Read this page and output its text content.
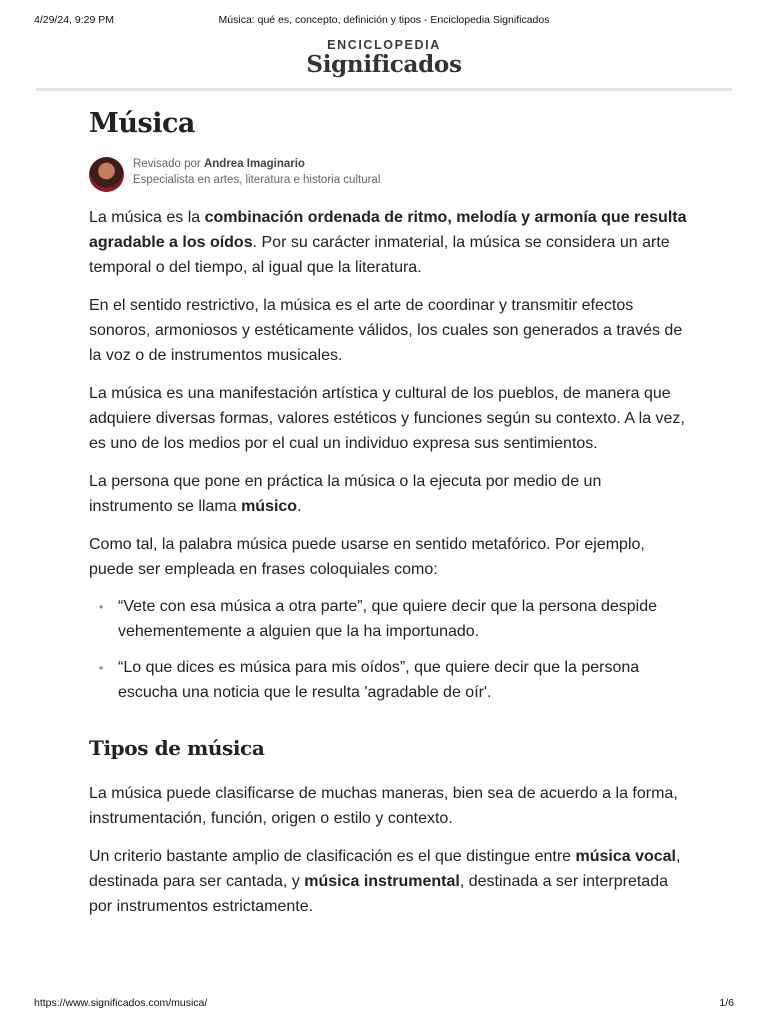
4/29/24, 9:29 PM	Música: qué es, concepto, definición y tipos - Enciclopedia Significados
ENCICLOPEDIA
Significados
Música
Revisado por Andrea Imaginario
Especialista en artes, literatura e historia cultural

La música es la combinación ordenada de ritmo, melodía y armonía que resulta agradable a los oídos. Por su carácter inmaterial, la música se considera un arte temporal o del tiempo, al igual que la literatura.

En el sentido restrictivo, la música es el arte de coordinar y transmitir efectos sonoros, armoniosos y estéticamente válidos, los cuales son generados a través de la voz o de instrumentos musicales.

La música es una manifestación artística y cultural de los pueblos, de manera que adquiere diversas formas, valores estéticos y funciones según su contexto. A la vez, es uno de los medios por el cual un individuo expresa sus sentimientos.

La persona que pone en práctica la música o la ejecuta por medio de un instrumento se llama músico.

Como tal, la palabra música puede usarse en sentido metafórico. Por ejemplo, puede ser empleada en frases coloquiales como:

• “Vete con esa música a otra parte”, que quiere decir que la persona despide vehementemente a alguien que la ha importunado.
• “Lo que dices es música para mis oídos”, que quiere decir que la persona escucha una noticia que le resulta 'agradable de oír'.
Tipos de música

La música puede clasificarse de muchas maneras, bien sea de acuerdo a la forma, instrumentación, función, origen o estilo y contexto.

Un criterio bastante amplio de clasificación es el que distingue entre música vocal, destinada para ser cantada, y música instrumental, destinada a ser interpretada por instrumentos estrictamente.

https://www.significados.com/musica/	1/6
